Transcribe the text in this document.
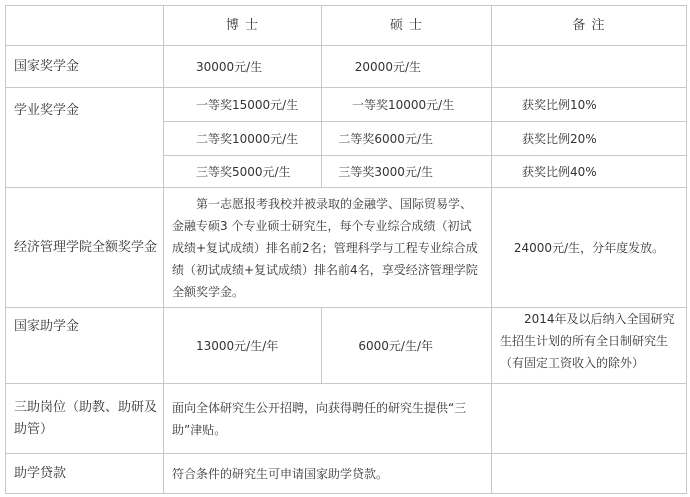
	博 士	硕 士	备 注
国家奖学金	30000元/生	20000元/生	
学业奖学金	一等奖15000元/生	一等奖10000元/生	获奖比例10%
	二等奖10000元/生	二等奖6000元/生	获奖比例20%
	三等奖5000元/生	三等奖3000元/生	获奖比例40%
经济管理学院全额奖学金	第一志愿报考我校并被录取的金融学、国际贸易学、金融专硕3 个专业硕士研究生，每个专业综合成绩（初试成绩+复试成绩）排名前2名；管理科学与工程专业综合成绩（初试成绩+复试成绩）排名前4名，享受经济管理学院全额奖学金。		24000元/生，分年度发放。
国家助学金	13000元/生/年	6000元/生/年	2014年及以后纳入全国研究生招生计划的所有全日制研究生（有固定工资收入的除外）
三助岗位（助教、助研及助管）	面向全体研究生公开招聘，向获得聘任的研究生提供“三助”津贴。		
助学贷款	符合条件的研究生可申请国家助学贷款。		
